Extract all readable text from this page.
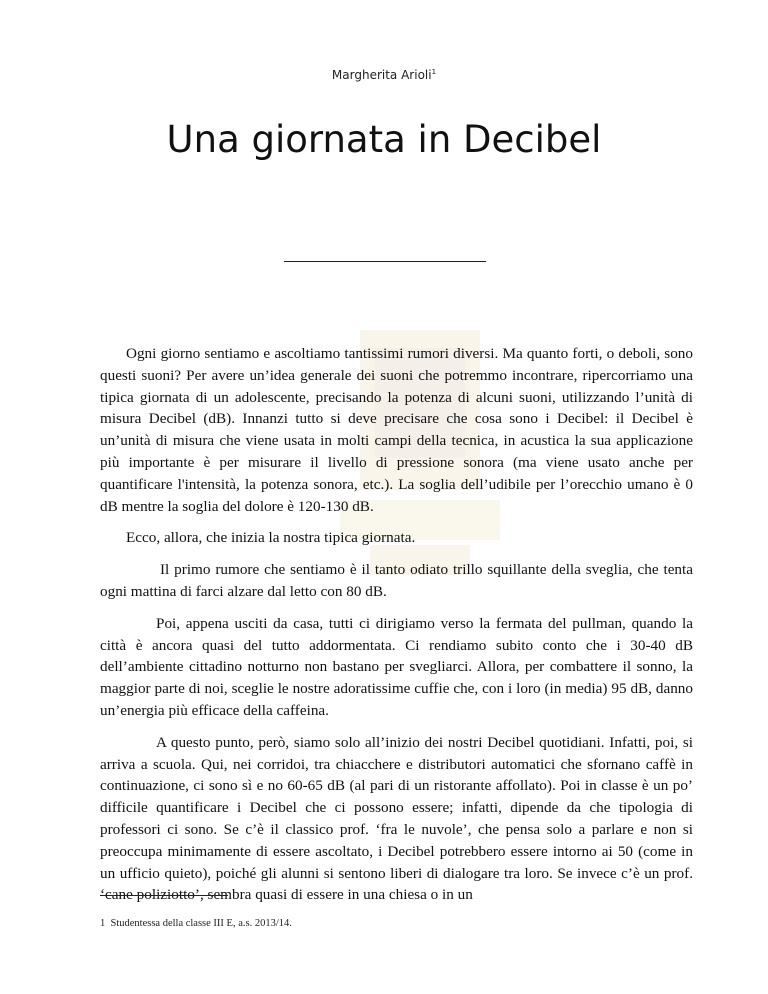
Margherita Arioli$^1$
Una giornata in Decibel

Ogni giorno sentiamo e ascoltiamo tantissimi rumori diversi. Ma quanto forti, o deboli, sono questi suoni? Per avere un’idea generale dei suoni che potremmo incontrare, ripercorriamo una tipica giornata di un adolescente, precisando la potenza di alcuni suoni, utilizzando l’unità di misura Decibel (dB). Innanzi tutto si deve precisare che cosa sono i Decibel: il Decibel è un’unità di misura che viene usata in molti campi della tecnica, in acustica la sua applicazione più importante è per misurare il livello di pressione sonora (ma viene usato anche per quantificare l'intensità, la potenza sonora, etc.). La soglia dell’udibile per l’orecchio umano è 0 dB mentre la soglia del dolore è 120-130 dB.

Ecco, allora, che inizia la nostra tipica giornata.

Il primo rumore che sentiamo è il tanto odiato trillo squillante della sveglia, che tenta ogni mattina di farci alzare dal letto con 80 dB.

Poi, appena usciti da casa, tutti ci dirigiamo verso la fermata del pullman, quando la città è ancora quasi del tutto addormentata. Ci rendiamo subito conto che i 30-40 dB dell’ambiente cittadino notturno non bastano per svegliarci. Allora, per combattere il sonno, la maggior parte di noi, sceglie le nostre adoratissime cuffie che, con i loro (in media) 95 dB, danno un’energia più efficace della caffeina.

A questo punto, però, siamo solo all’inizio dei nostri Decibel quotidiani. Infatti, poi, si arriva a scuola. Qui, nei corridoi, tra chiacchere e distributori automatici che sfornano caffè in continuazione, ci sono sì e no 60-65 dB (al pari di un ristorante affollato). Poi in classe è un po’ difficile quantificare i Decibel che ci possono essere; infatti, dipende da che tipologia di professori ci sono. Se c’è il classico prof. ‘fra le nuvole’, che pensa solo a parlare e non si preoccupa minimamente di essere ascoltato, i Decibel potrebbero essere intorno ai 50 (come in un ufficio quieto), poiché gli alunni si sentono liberi di dialogare tra loro. Se invece c’è un prof. ‘cane poliziotto’, sembra quasi di essere in una chiesa o in un

1 Studentessa della classe III E, a.s. 2013/14.
